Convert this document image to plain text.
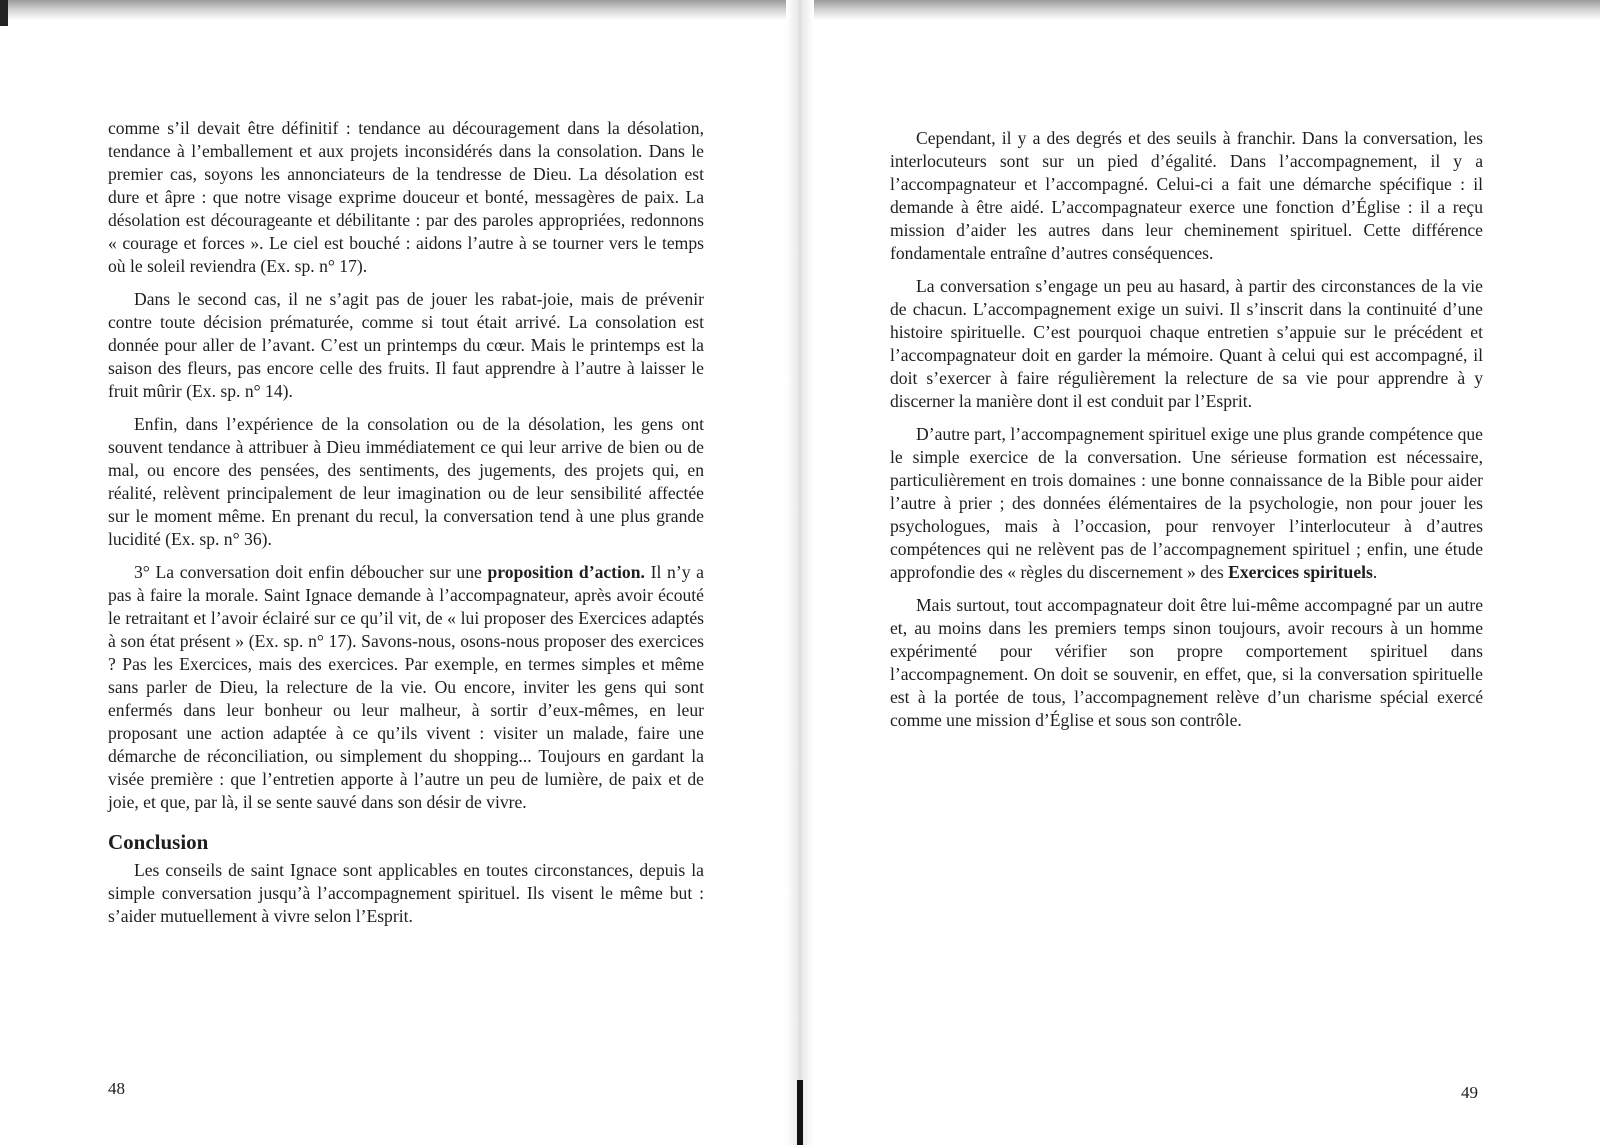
comme s’il devait être définitif : tendance au découragement dans la désolation, tendance à l’emballement et aux projets inconsidérés dans la consolation. Dans le premier cas, soyons les annonciateurs de la tendresse de Dieu. La désolation est dure et âpre : que notre visage exprime douceur et bonté, messagères de paix. La désolation est décourageante et débilitante : par des paroles appropriées, redonnons « courage et forces ». Le ciel est bouché : aidons l’autre à se tourner vers le temps où le soleil reviendra (Ex. sp. n° 17).

Dans le second cas, il ne s’agit pas de jouer les rabat-joie, mais de prévenir contre toute décision prématurée, comme si tout était arrivé. La consolation est donnée pour aller de l’avant. C’est un printemps du cœur. Mais le printemps est la saison des fleurs, pas encore celle des fruits. Il faut apprendre à l’autre à laisser le fruit mûrir (Ex. sp. n° 14).

Enfin, dans l’expérience de la consolation ou de la désolation, les gens ont souvent tendance à attribuer à Dieu immédiatement ce qui leur arrive de bien ou de mal, ou encore des pensées, des sentiments, des jugements, des projets qui, en réalité, relèvent principalement de leur imagination ou de leur sensibilité affectée sur le moment même. En prenant du recul, la conversation tend à une plus grande lucidité (Ex. sp. n° 36).

3° La conversation doit enfin déboucher sur une proposition d’action. Il n’y a pas à faire la morale. Saint Ignace demande à l’accompagnateur, après avoir écouté le retraitant et l’avoir éclairé sur ce qu’il vit, de « lui proposer des Exercices adaptés à son état présent » (Ex. sp. n° 17). Savons-nous, osons-nous proposer des exercices ? Pas les Exercices, mais des exercices. Par exemple, en termes simples et même sans parler de Dieu, la relecture de la vie. Ou encore, inviter les gens qui sont enfermés dans leur bonheur ou leur malheur, à sortir d’eux-mêmes, en leur proposant une action adaptée à ce qu’ils vivent : visiter un malade, faire une démarche de réconciliation, ou simplement du shopping... Toujours en gardant la visée première : que l’entretien apporte à l’autre un peu de lumière, de paix et de joie, et que, par là, il se sente sauvé dans son désir de vivre.

Conclusion

Les conseils de saint Ignace sont applicables en toutes circonstances, depuis la simple conversation jusqu’à l’accompagnement spirituel. Ils visent le même but : s’aider mutuellement à vivre selon l’Esprit.

48

Cependant, il y a des degrés et des seuils à franchir. Dans la conversation, les interlocuteurs sont sur un pied d’égalité. Dans l’accompagnement, il y a l’accompagnateur et l’accompagné. Celui-ci a fait une démarche spécifique : il demande à être aidé. L’accompagnateur exerce une fonction d’Église : il a reçu mission d’aider les autres dans leur cheminement spirituel. Cette différence fondamentale entraîne d’autres conséquences.

La conversation s’engage un peu au hasard, à partir des circonstances de la vie de chacun. L’accompagnement exige un suivi. Il s’inscrit dans la continuité d’une histoire spirituelle. C’est pourquoi chaque entretien s’appuie sur le précédent et l’accompagnateur doit en garder la mémoire. Quant à celui qui est accompagné, il doit s’exercer à faire régulièrement la relecture de sa vie pour apprendre à y discerner la manière dont il est conduit par l’Esprit.

D’autre part, l’accompagnement spirituel exige une plus grande compétence que le simple exercice de la conversation. Une sérieuse formation est nécessaire, particulièrement en trois domaines : une bonne connaissance de la Bible pour aider l’autre à prier ; des données élémentaires de la psychologie, non pour jouer les psychologues, mais à l’occasion, pour renvoyer l’interlocuteur à d’autres compétences qui ne relèvent pas de l’accompagnement spirituel ; enfin, une étude approfondie des « règles du discernement » des Exercices spirituels.

Mais surtout, tout accompagnateur doit être lui-même accompagné par un autre et, au moins dans les premiers temps sinon toujours, avoir recours à un homme expérimenté pour vérifier son propre comportement spirituel dans l’accompagnement. On doit se souvenir, en effet, que, si la conversation spirituelle est à la portée de tous, l’accompagnement relève d’un charisme spécial exercé comme une mission d’Église et sous son contrôle.

49
